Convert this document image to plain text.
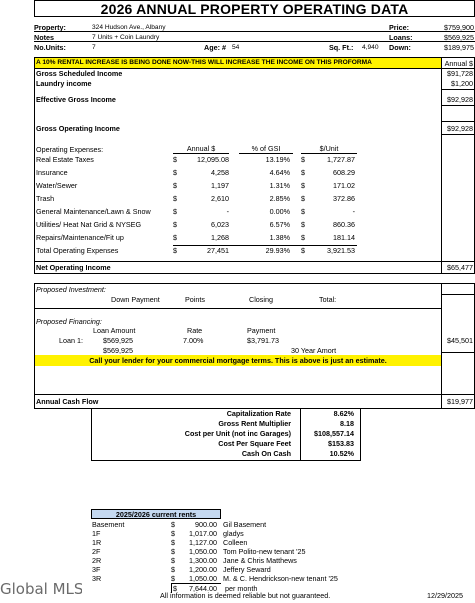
2026 ANNUAL PROPERTY OPERATING DATA
Property:	324 Hudson Ave., Albany
Notes	7 Units + Coin Laundry
No.Units:	7	Age: # 54	Sq. Ft.: 4,940
Price:	$759,900
Loans:	$569,925
Down:	$189,975
A 10% RENTAL INCREASE IS BEING DONE NOW-THIS WILL INCREASE THE INCOME ON THIS PROFORMA	Annual $
Gross Scheduled Income	$91,728
Laundry income	$1,200
Effective Gross Income	$92,928
Gross Operating Income	$92,928
Operating Expenses:	Annual $	% of GSI	$/Unit
Real Estate Taxes	$	12,095.08	13.19% $	1,727.87
Insurance	$	4,258	4.64% $	608.29
Water/Sewer	$	1,197	1.31% $	171.02
Trash	$	2,610	2.85% $	372.86
General Maintenance/Lawn & Snow	$	-	0.00% $	-
Utilities/ Heat Nat Grid & NYSEG	$	6,023	6.57% $	860.36
Repairs/Maintenance/Fit up	$	1,268	1.38% $	181.14
Total Operating Expenses	$	27,451	29.93% $	3,921.53
Net Operating Income	$65,477
Proposed Investment:
Down Payment	Points	Closing	Total:
Proposed Financing:
Loan Amount	Rate	Payment
Loan 1:	$569,925	7.00%	$3,791.73	$45,501
$569,925	30 Year Amort
Call your lender for your commercial mortgage terms. This is above is just an estimate.
Annual Cash Flow	$19,977
Capitalization Rate	8.62%
Gross Rent Multiplier	8.18
Cost per Unit (not inc Garages)	$108,557.14
Cost Per Square Feet	$153.83
Cash On Cash	10.52%
2025/2026 current rents
Basement	$	900.00 Gil Basement
1F	$ 1,017.00 gladys
1R	$ 1,127.00 Colleen
2F	$ 1,050.00 Tom Polito-new tenant '25
2R	$ 1,300.00 Jane & Chris Matthews
3F	$ 1,200.00 Jeffery Seward
3R	$ 1,050.00 M. & C. Hendrickson-new tenant '25
$ 7,644.00 per month
Global MLS	All information is deemed reliable but not guaranteed.	12/29/2025
